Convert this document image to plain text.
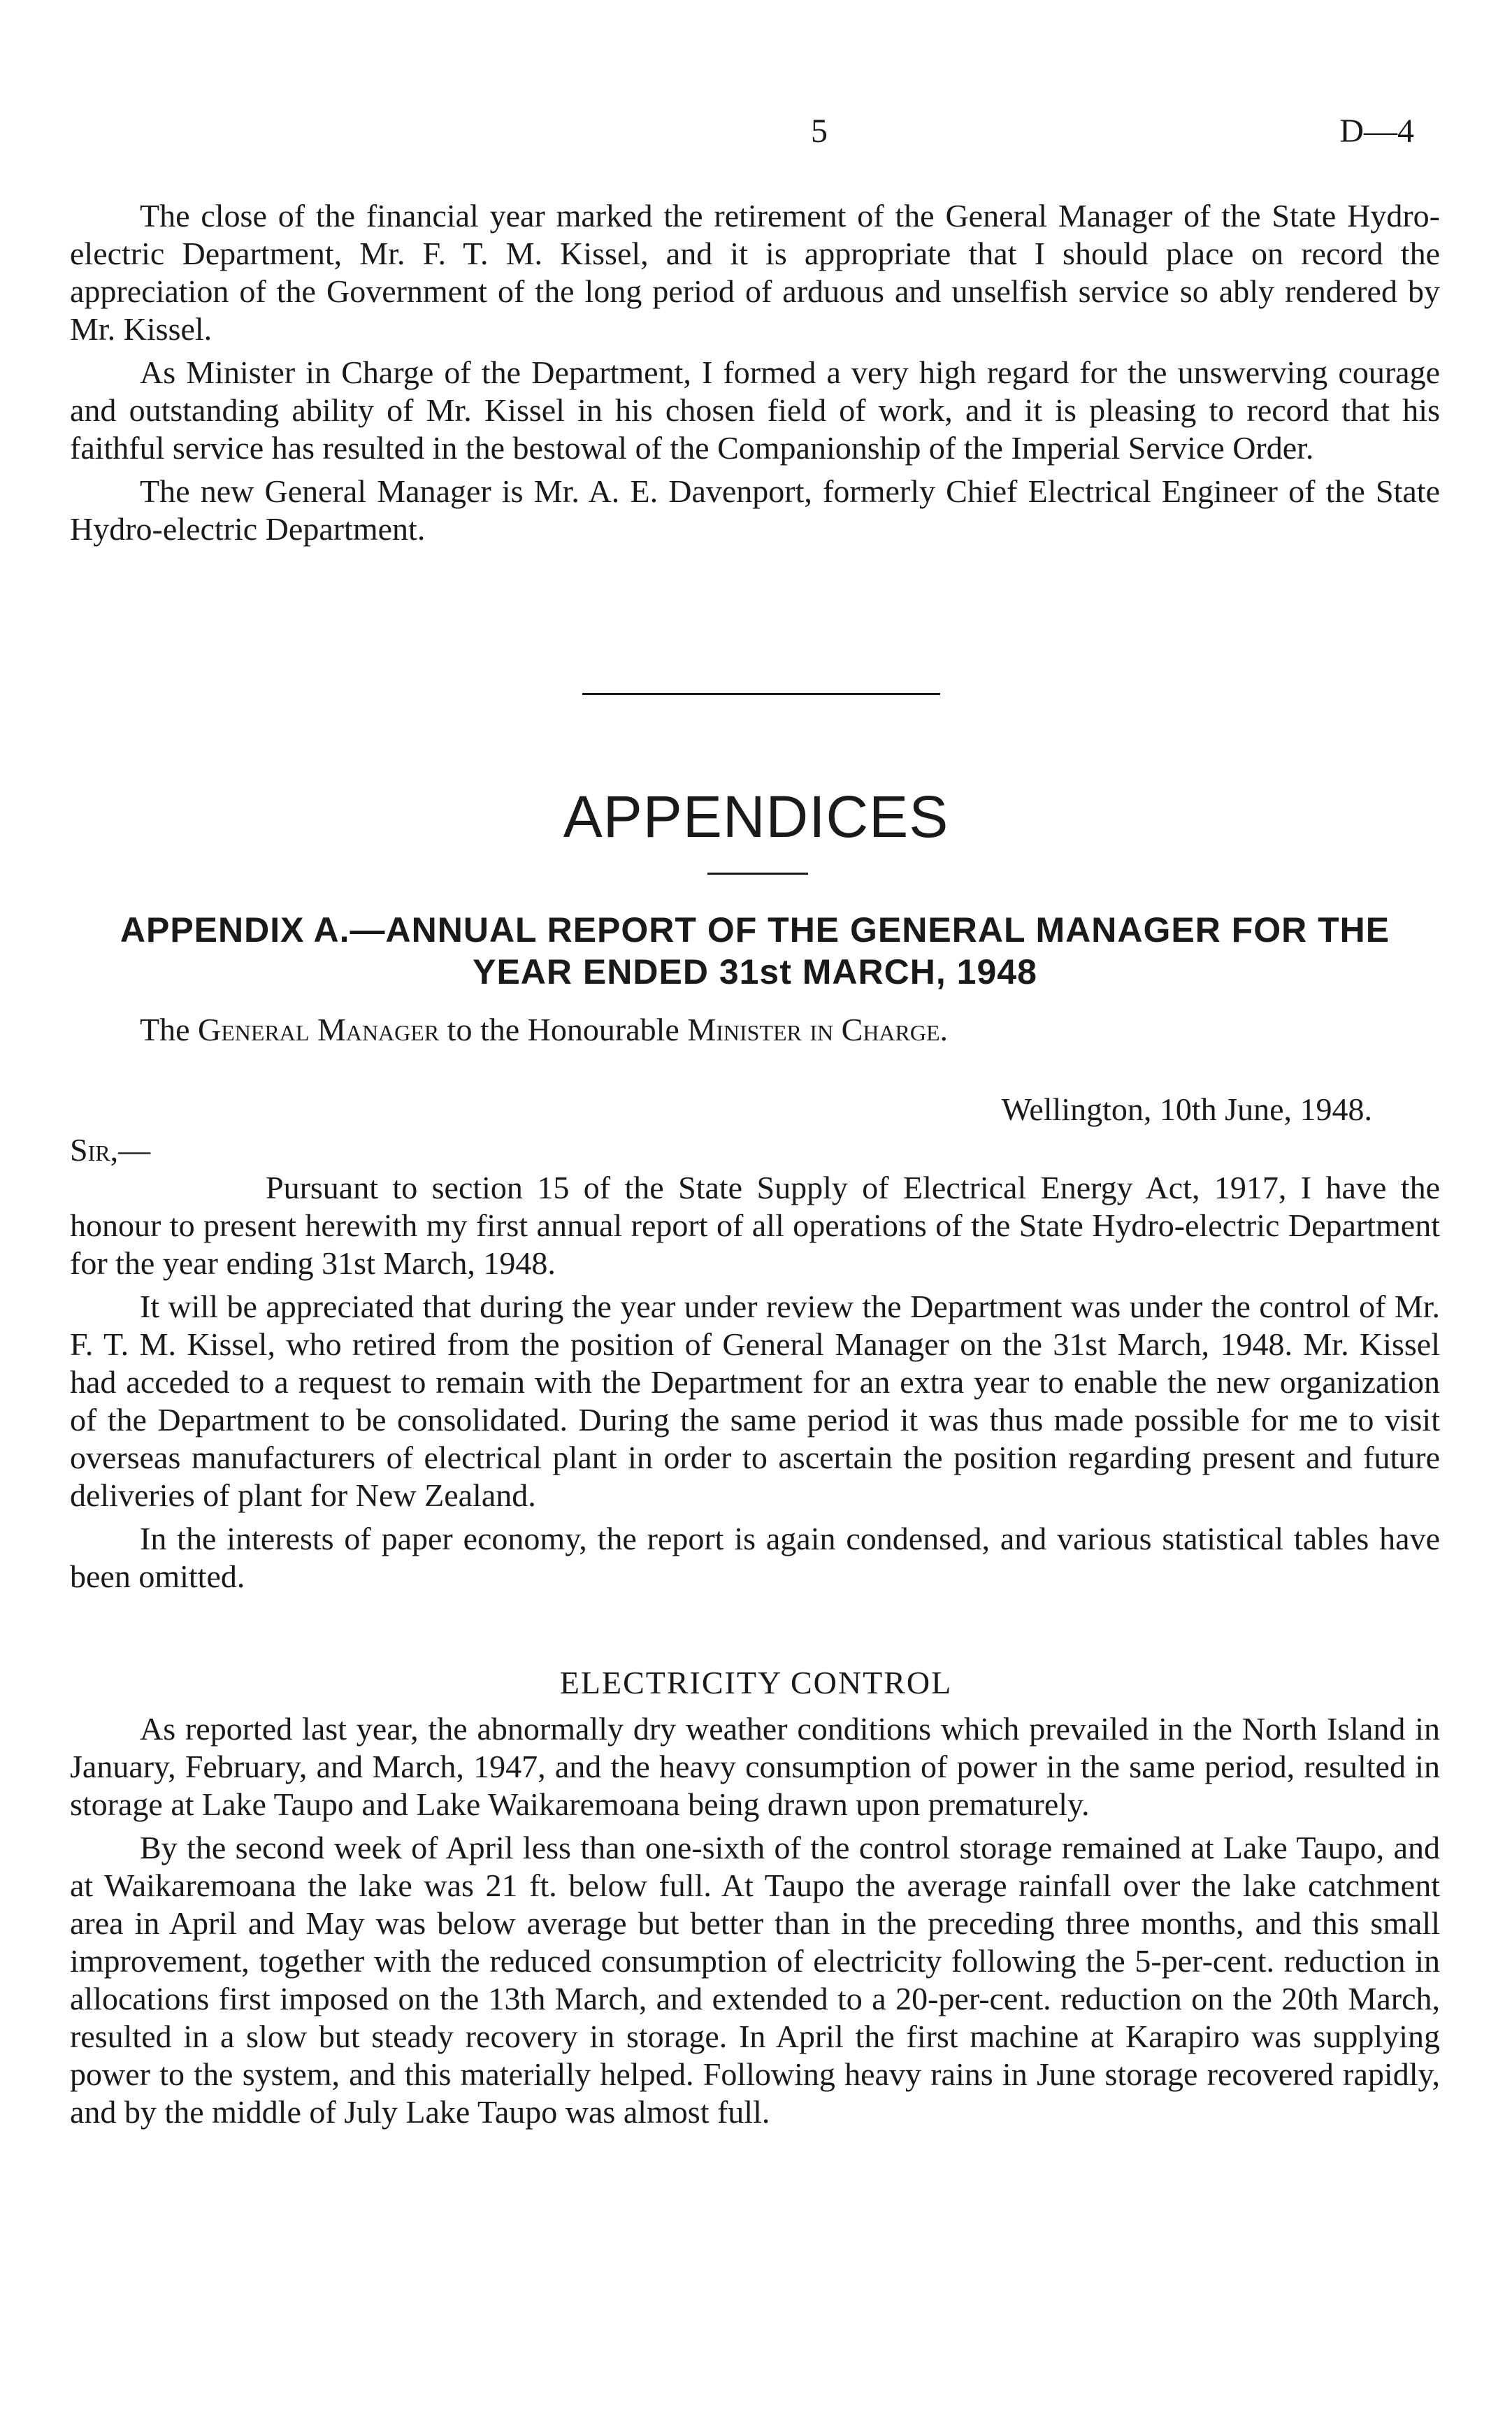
5	D—4

The close of the financial year marked the retirement of the General Manager of the State Hydro-electric Department, Mr. F. T. M. Kissel, and it is appropriate that I should place on record the appreciation of the Government of the long period of arduous and unselfish service so ably rendered by Mr. Kissel.

As Minister in Charge of the Department, I formed a very high regard for the unswerving courage and outstanding ability of Mr. Kissel in his chosen field of work, and it is pleasing to record that his faithful service has resulted in the bestowal of the Companionship of the Imperial Service Order.

The new General Manager is Mr. A. E. Davenport, formerly Chief Electrical Engineer of the State Hydro-electric Department.

APPENDICES
APPENDIX A.—ANNUAL REPORT OF THE GENERAL MANAGER FOR THE
YEAR ENDED 31st MARCH, 1948
The General Manager to the Honourable Minister in Charge.
Wellington, 10th June, 1948.
Sir,—

Pursuant to section 15 of the State Supply of Electrical Energy Act, 1917, I have the honour to present herewith my first annual report of all operations of the State Hydro-electric Department for the year ending 31st March, 1948.

It will be appreciated that during the year under review the Department was under the control of Mr. F. T. M. Kissel, who retired from the position of General Manager on the 31st March, 1948. Mr. Kissel had acceded to a request to remain with the Department for an extra year to enable the new organization of the Department to be consolidated. During the same period it was thus made possible for me to visit overseas manufacturers of electrical plant in order to ascertain the position regarding present and future deliveries of plant for New Zealand.

In the interests of paper economy, the report is again condensed, and various statistical tables have been omitted.

ELECTRICITY CONTROL

As reported last year, the abnormally dry weather conditions which prevailed in the North Island in January, February, and March, 1947, and the heavy consumption of power in the same period, resulted in storage at Lake Taupo and Lake Waikaremoana being drawn upon prematurely.

By the second week of April less than one-sixth of the control storage remained at Lake Taupo, and at Waikaremoana the lake was 21 ft. below full. At Taupo the average rainfall over the lake catchment area in April and May was below average but better than in the preceding three months, and this small improvement, together with the reduced consumption of electricity following the 5-per-cent. reduction in allocations first imposed on the 13th March, and extended to a 20-per-cent. reduction on the 20th March, resulted in a slow but steady recovery in storage. In April the first machine at Karapiro was supplying power to the system, and this materially helped. Following heavy rains in June storage recovered rapidly, and by the middle of July Lake Taupo was almost full.
